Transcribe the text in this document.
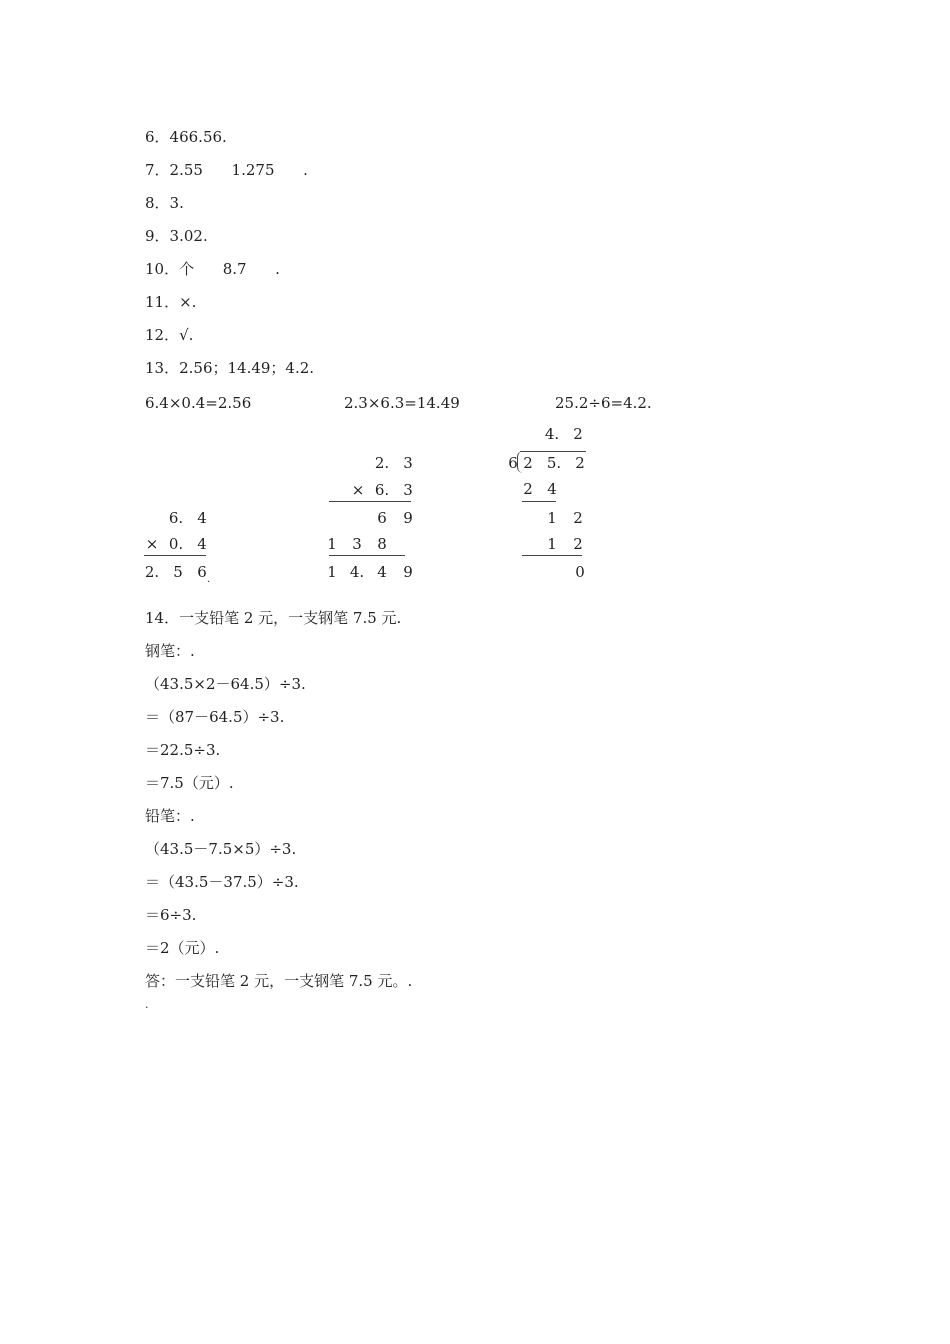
6．466.56.

7．2.55      1.275      .

8．3.

9．3.02.

10．个      8.7      .

11．×.

12．√.

13．2.56；14.49；4.2.

6.4×0.4=2.56	2.3×6.3=14.49	25.2÷6=4.2.
6. 4
× 0. 4
2. 5 6 .
2. 3
× 6. 3
6	9
1	3	8
1 4. 4	9
4. 2
6 2 5. 2
2 4
1	2
1	2
0

14．一支铅笔 2 元，一支钢笔 7.5 元.

钢笔：.

（43.5×2－64.5）÷3.

＝（87－64.5）÷3.

＝22.5÷3.

＝7.5（元）.

铅笔：.

（43.5－7.5×5）÷3.

＝（43.5－37.5）÷3.

＝6÷3.

＝2（元）.

答：一支铅笔 2 元，一支钢笔 7.5 元。.

.
